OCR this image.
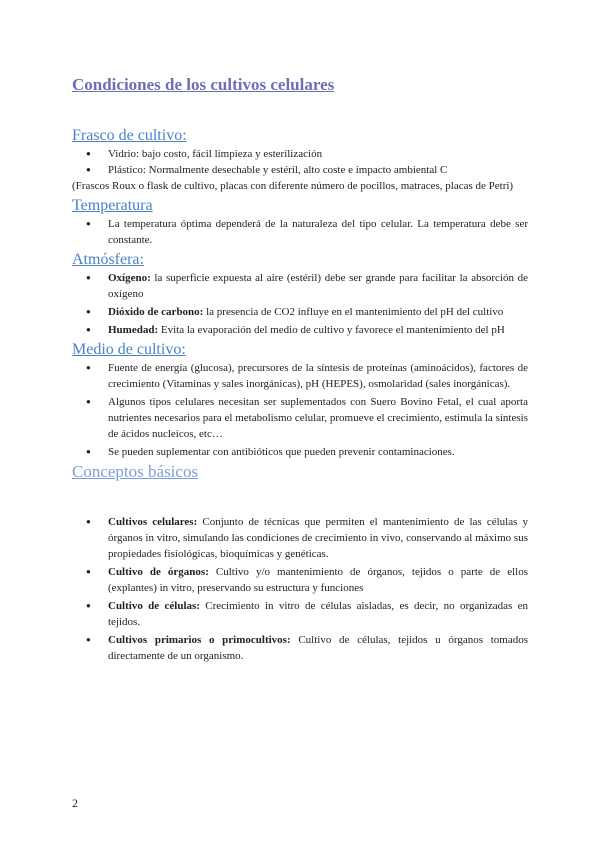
Condiciones de los cultivos celulares
Frasco de cultivo:
● Vidrio: bajo costo, fácil limpieza y esterilización
● Plástico: Normalmente desechable y estéril, alto coste e impacto ambiental C

(Frascos Roux o flask de cultivo, placas con diferente número de pocillos, matraces, placas de Petri)

Temperatura
● La temperatura óptima dependerá de la naturaleza del tipo celular. La temperatura debe ser constante.
Atmósfera:
● Oxígeno: la superficie expuesta al aire (estéril) debe ser grande para facilitar la absorción de oxígeno
● Dióxido de carbono: la presencia de CO2 influye en el mantenimiento del pH del cultivo
● Humedad: Evita la evaporación del medio de cultivo y favorece el mantenimiento del pH
Medio de cultivo:
● Fuente de energía (glucosa), precursores de la síntesis de proteínas (aminoácidos), factores de crecimiento (Vitaminas y sales inorgánicas), pH (HEPES), osmolaridad (sales inorgánicas).
● Algunos tipos celulares necesitan ser suplementados con Suero Bovino Fetal, el cual aporta nutrientes necesarios para el metabolismo celular, promueve el crecimiento, estimula la síntesis de ácidos nucleicos, etc…
● Se pueden suplementar con antibióticos que pueden prevenir contaminaciones.
Conceptos básicos
● Cultivos celulares: Conjunto de técnicas que permiten el mantenimiento de las células y órganos in vitro, simulando las condiciones de crecimiento in vivo, conservando al máximo sus propiedades fisiológicas, bioquímicas y genéticas.
● Cultivo de órganos: Cultivo y/o mantenimiento de órganos, tejidos o parte de ellos (explantes) in vitro, preservando su estructura y funciones
● Cultivo de células: Crecimiento in vitro de células aisladas, es decir, no organizadas en tejidos.
● Cultivos primarios o primocultivos: Cultivo de células, tejidos u órganos tomados directamente de un organismo.
2
